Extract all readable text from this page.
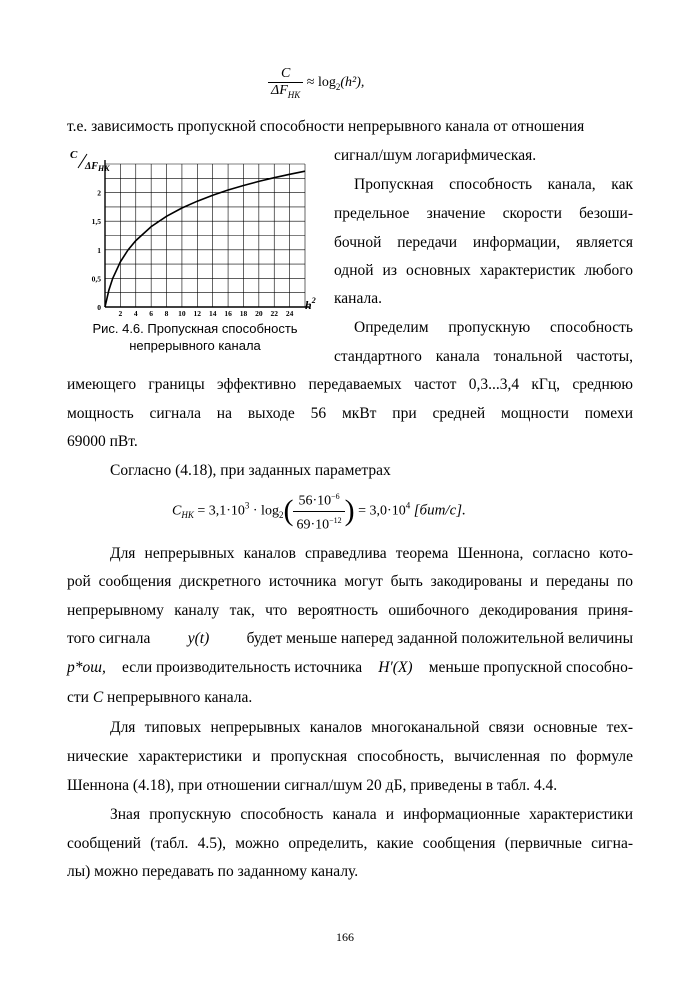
$\frac{C}{\Delta F_{НК}} \approx \log_2(h^2)$,
т.е. зависимость пропускной способности непрерывного канала от отношения
2 4 6 8 10 12 14 16 18 20 22 24
0
0,5
1
1,5
2
C
$\Delta F_{НК}$
$h^2$
Рис. 4.6. Пропускная способность
непрерывного канала
сигнал/шум логарифмическая.
Пропускная способность канала, как
предельное значение скорости безоши-
бочной передачи информации, является
одной из основных характеристик любого
канала.
Определим пропускную способность
стандартного канала тональной частоты,
имеющего границы эффективно передаваемых частот 0,3...3,4 кГц, среднюю
мощность сигнала на выходе 56 мкВт при средней мощности помехи
69000 пВт.
Согласно (4.18), при заданных параметрах
$C_{НК} = 3,1\cdot 10^3 \cdot \log_2( \frac{56\cdot 10^{-6}}{69\cdot 10^{-12}}$ ) = $3,0\cdot 10^4$ [бит/с].
Для непрерывных каналов справедлива теорема Шеннона, согласно кото-
рой сообщения дискретного источника могут быть закодированы и переданы по
непрерывному каналу так, что вероятность ошибочного декодирования приня-
того сигнала y(t) будет меньше наперед заданной положительной величины
p*ош, если производительность источника H′(X) меньше пропускной способно-
сти C непрерывного канала.
Для типовых непрерывных каналов многоканальной связи основные тех-
нические характеристики и пропускная способность, вычисленная по формуле
Шеннона (4.18), при отношении сигнал/шум 20 дБ, приведены в табл. 4.4.
Зная пропускную способность канала и информационные характеристики
сообщений (табл. 4.5), можно определить, какие сообщения (первичные сигна-
лы) можно передавать по заданному каналу.
166
